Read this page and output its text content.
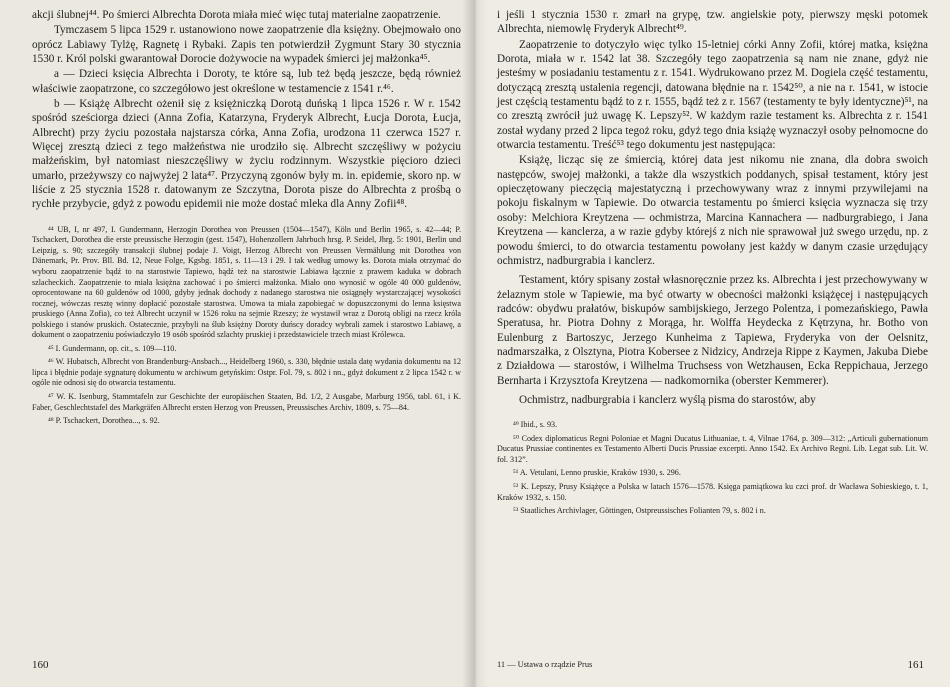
akcji ślubnej⁴⁴. Po śmierci Albrechta Dorota miała mieć więc tutaj materialne zaopatrzenie.

Tymczasem 5 lipca 1529 r. ustanowiono nowe zaopatrzenie dla księżny. Obejmowało ono oprócz Labiawy Tylżę, Ragnetę i Rybaki. Zapis ten potwierdził Zygmunt Stary 30 stycznia 1530 r. Król polski gwarantował Dorocie dożywocie na wypadek śmierci jej małżonka⁴⁵.

a — Dzieci księcia Albrechta i Doroty, te które są, lub też będą jeszcze, będą również właściwie zaopatrzone, co szczegółowo jest określone w testamencie z 1541 r.⁴⁶.

b — Książę Albrecht ożenił się z księżniczką Dorotą duńską 1 lipca 1526 r. W r. 1542 spośród sześciorga dzieci (Anna Zofia, Katarzyna, Fryderyk Albrecht, Łucja Dorota, Łucja, Albrecht) przy życiu pozostała najstarsza córka, Anna Zofia, urodzona 11 czerwca 1527 r. Więcej zresztą dzieci z tego małżeństwa nie urodziło się. Albrecht szczęśliwy w pożyciu małżeńskim, był natomiast nieszczęśliwy w życiu rodzinnym. Wszystkie pięcioro dzieci umarło, przeżywszy co najwyżej 2 lata⁴⁷. Przyczyną zgonów były m. in. epidemie, skoro np. w liście z 25 stycznia 1528 r. datowanym ze Szczytna, Dorota pisze do Albrechta z prośbą o rychłe przybycie, gdyż z powodu epidemii nie może dostać mleka dla Anny Zofii⁴⁸.

⁴⁴ UB, I, nr 497, I. Gundermann, Herzogin Dorothea von Preussen (1504—1547), Köln und Berlin 1965, s. 42—44; P. Tschackert, Dorothea die erste preussische Herzogin (gest. 1547), Hohenzollern Jahrbuch hrsg. P. Seidel, Jhrg. 5: 1901, Berlin und Leipzig, s. 90; szczegóły transakcji ślubnej podaje J. Voigt, Herzog Albrecht von Preussen Vermählung mit Dorothea von Dänemark, Pr. Prov. Bll. Bd. 12, Neue Folge, Kgsbg. 1851, s. 11—13 i 29. I tak według umowy ks. Dorota miała otrzymać do wyboru zaopatrzenie bądź to na starostwie Tapiewo, bądź też na starostwie Labiawa łącznie z prawem kaduka w dobrach szlacheckich. Zaopatrzenie to miała księżna zachować i po śmierci małżonka. Miało ono wynosić w ogóle 40 000 guldenów, oprocentowane na 60 guldenów od 1000, gdyby jednak dochody z nadanego starostwa nie osiągnęły wystarczającej wysokości rocznej, wówczas resztę winny dopłacić pozostałe starostwa. Umowa ta miała zapobiegać w dopuszczonymi do lenna księstwa pruskiego (Anna Zofia), co też Albrecht uczynił w 1526 roku na sejmie Rzeszy; że wystawił wraz z Dorotą obligi na rzecz króla polskiego i stanów pruskich. Ostatecznie, przybyli na ślub księżny Doroty duńscy doradcy wybrali zamek i starostwo Labiawę, a dokument o zaopatrzeniu poświadczyło 19 osób spośród szlachty pruskiej i przedstawiciele trzech miast Królewca.

⁴⁵ I. Gundermann, op. cit., s. 109—110.

⁴⁶ W. Hubatsch, Albrecht von Brandenburg-Ansbach..., Heidelberg 1960, s. 330, błędnie ustala datę wydania dokumentu na 12 lipca i błędnie podaje sygnaturę dokumentu w archiwum getyńskim: Ostpr. Fol. 79, s. 802 i nn., gdyż dokument z 2 lipca 1542 r. w ogóle nie odnosi się do otwarcia testamentu.

⁴⁷ W. K. Isenburg, Stammtafeln zur Geschichte der europäischen Staaten, Bd. 1/2, 2 Ausgabe, Marburg 1956, tabl. 61, i K. Faber, Geschlechtstafel des Markgräfen Albrecht ersten Herzog von Preussen, Preussisches Archiv, 1809, s. 75—84.

⁴⁸ P. Tschackert, Dorothea..., s. 92.

160

i jeśli 1 stycznia 1530 r. zmarł na grypę, tzw. angielskie poty, pierwszy męski potomek Albrechta, niemowlę Fryderyk Albrecht⁴⁹.

Zaopatrzenie to dotyczyło więc tylko 15-letniej córki Anny Zofii, której matka, księżna Dorota, miała w r. 1542 lat 38. Szczegóły tego zaopatrzenia są nam nie znane, gdyż nie jesteśmy w posiadaniu testamentu z r. 1541. Wydrukowano przez M. Dogiela część testamentu, dotyczącą zresztą ustalenia regencji, datowana błędnie na r. 1542⁵⁰, a nie na r. 1541, w istocie jest częścią testamentu bądź to z r. 1555, bądź też z r. 1567 (testamenty te były identyczne)⁵¹, na co zresztą zwrócił już uwagę K. Lepszy⁵². W każdym razie testament ks. Albrechta z r. 1541 został wydany przed 2 lipca tegoż roku, gdyż tego dnia książę wyznaczył osoby pełnomocne do otwarcia testamentu. Treść⁵³ tego dokumentu jest następująca:

Książę, licząc się ze śmiercią, której data jest nikomu nie znana, dla dobra swoich następców, swojej małżonki, a także dla wszystkich poddanych, spisał testament, który jest opieczętowany pieczęcią majestatyczną i przechowywany wraz z innymi przywilejami na pokoju fiskalnym w Tapiewie. Do otwarcia testamentu po śmierci księcia wyznacza się trzy osoby: Melchiora Kreytzena — ochmistrza, Marcina Kannachera — nadburgrabiego, i Jana Kreytzena — kanclerza, a w razie gdyby którejś z nich nie sprawował już swego urzędu, np. z powodu śmierci, to do otwarcia testamentu powołany jest każdy w danym czasie urzędujący ochmistrz, nadburgrabia i kanclerz.

Testament, który spisany został własnoręcznie przez ks. Albrechta i jest przechowywany w żelaznym stole w Tapiewie, ma być otwarty w obecności małżonki książęcej i następujących radców: obydwu prałatów, biskupów sambijskiego, Jerzego Polentza, i pomezańskiego, Pawła Speratusa, hr. Piotra Dohny z Morąga, hr. Wolffa Heydecka z Kętrzyna, hr. Botho von Eulenburg z Bartoszyc, Jerzego Kunheima z Tapiewa, Fryderyka von der Oelsnitz, nadmarszałka, z Olsztyna, Piotra Kobersee z Nidzicy, Andrzeja Rippe z Kaymen, Jakuba Diebe z Działdowa — starostów, i Wilhelma Truchsess von Wetzhausen, Ecka Reppichaua, Jerzego Bernharta i Krzysztofa Kreytzena — nadkomornika (oberster Kemmerer).

Ochmistrz, nadburgrabia i kanclerz wyślą pisma do starostów, aby

⁴⁹ Ibid., s. 93.

⁵⁰ Codex diplomaticus Regni Poloniae et Magni Ducatus Lithuaniae, t. 4, Vilnae 1764, p. 309—312: „Articuli gubernationum Ducatus Prussiae continentes ex Testamento Alberti Ducis Prussiae excerpti. Anno 1542. Ex Archivo Regni. Lib. Legat sub. Lit. W. fol. 312”.

⁵¹ A. Vetulani, Lenno pruskie, Kraków 1930, s. 296.

⁵² K. Lepszy, Prusy Książęce a Polska w latach 1576—1578. Księga pamiątkowa ku czci prof. dr Wacława Sobieskiego, t. 1, Kraków 1932, s. 150.

⁵³ Staatliches Archivlager, Göttingen, Ostpreussisches Folianten 79, s. 802 i n.

11 — Ustawa o rządzie Prus	161
